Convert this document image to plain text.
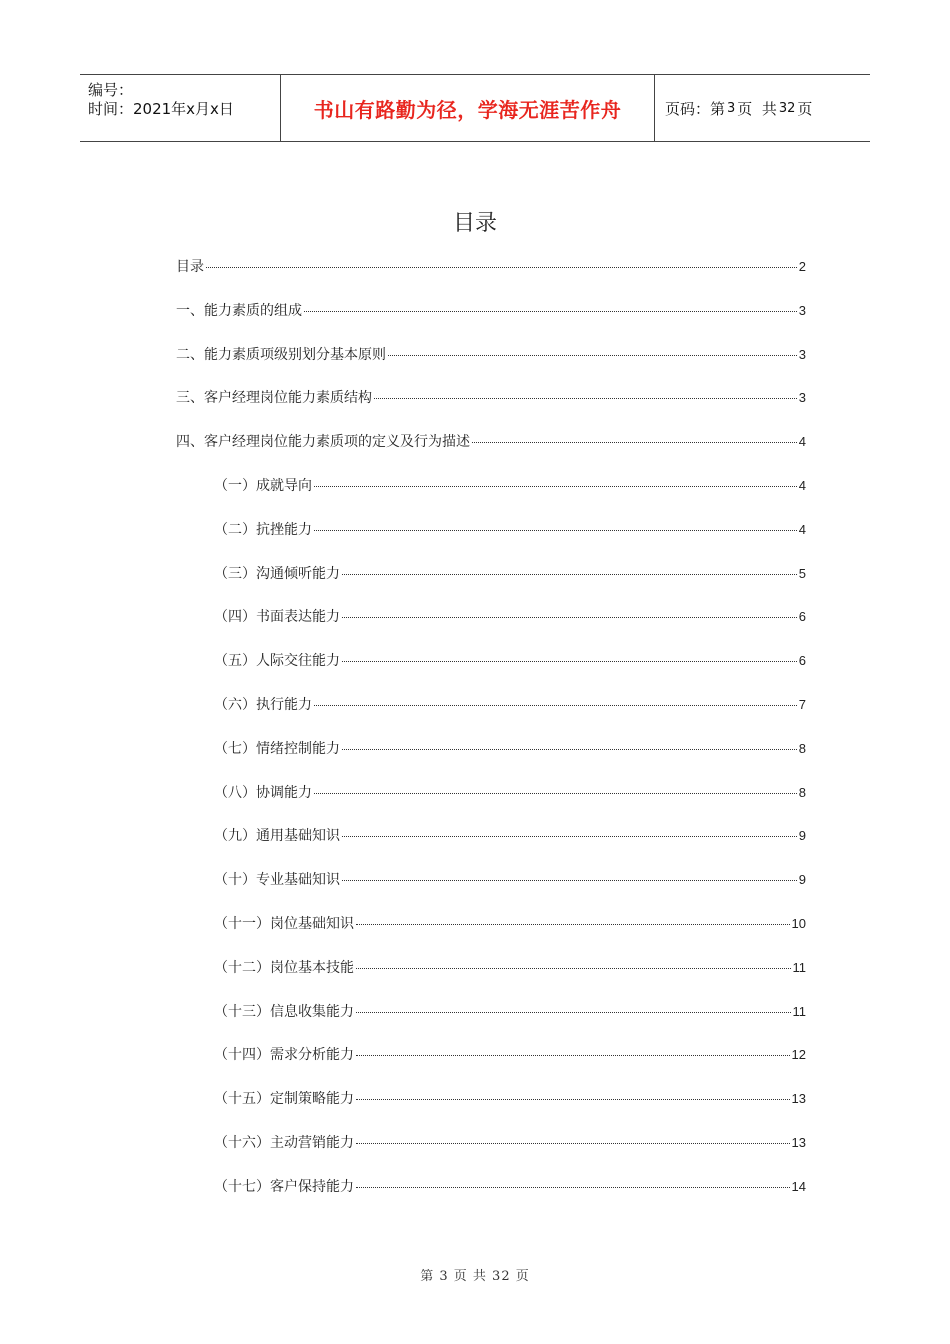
编号：
时间：2021年x月x日	书山有路勤为径，学海无涯苦作舟	页码：第 3 页  共 32 页
目录
目录	2
一、能力素质的组成	3
二、能力素质项级别划分基本原则	3
三、客户经理岗位能力素质结构	3
四、客户经理岗位能力素质项的定义及行为描述	4
（一）成就导向	4
（二）抗挫能力	4
（三）沟通倾听能力	5
（四）书面表达能力	6
（五）人际交往能力	6
（六）执行能力	7
（七）情绪控制能力	8
（八）协调能力	8
（九）通用基础知识	9
（十）专业基础知识	9
（十一）岗位基础知识	10
（十二）岗位基本技能	11
（十三）信息收集能力	11
（十四）需求分析能力	12
（十五）定制策略能力	13
（十六）主动营销能力	13
（十七）客户保持能力	14
第 3 页 共 32 页
